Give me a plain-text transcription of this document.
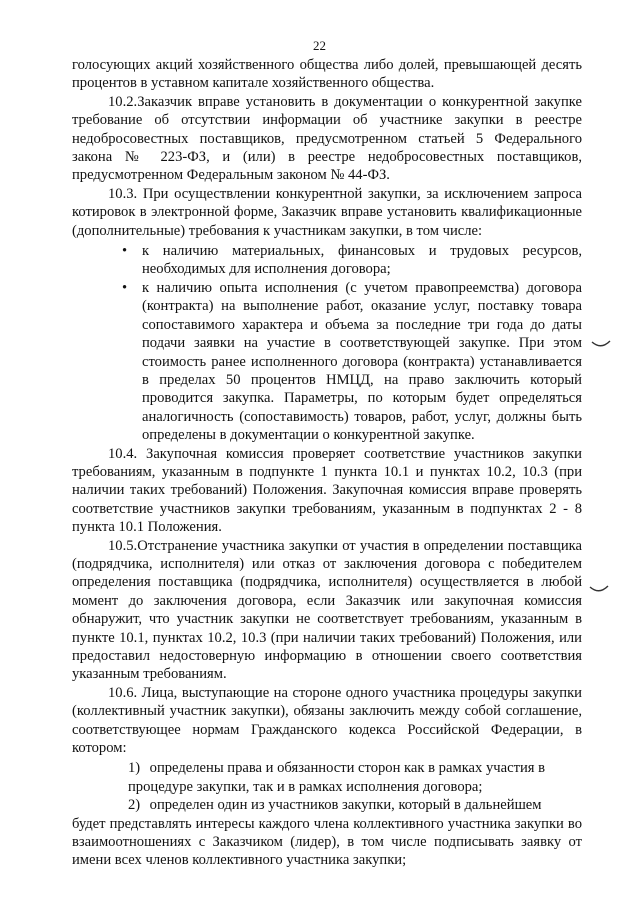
22

голосующих акций хозяйственного общества либо долей, превышающей десять процентов в уставном капитале хозяйственного общества.

10.2.Заказчик вправе установить в документации о конкурентной закупке требование об отсутствии информации об участнике закупки в реестре недобросовестных поставщиков, предусмотренном статьей 5 Федерального закона № 223-ФЗ, и (или) в реестре недобросовестных поставщиков, предусмотренном Федеральным законом № 44-ФЗ.

10.3. При осуществлении конкурентной закупки, за исключением запроса котировок в электронной форме, Заказчик вправе установить квалификационные (дополнительные) требования к участникам закупки, в том числе:

• к наличию материальных, финансовых и трудовых ресурсов, необходимых для исполнения договора;
• к наличию опыта исполнения (с учетом правопреемства) договора (контракта) на выполнение работ, оказание услуг, поставку товара сопоставимого характера и объема за последние три года до даты подачи заявки на участие в соответствующей закупке. При этом стоимость ранее исполненного договора (контракта) устанавливается в пределах 50 процентов НМЦД, на право заключить который проводится закупка. Параметры, по которым будет определяться аналогичность (сопоставимость) товаров, работ, услуг, должны быть определены в документации о конкурентной закупке.

10.4. Закупочная комиссия проверяет соответствие участников закупки требованиям, указанным в подпункте 1 пункта 10.1 и пунктах 10.2, 10.3 (при наличии таких требований) Положения. Закупочная комиссия вправе проверять соответствие участников закупки требованиям, указанным в подпунктах 2 - 8 пункта 10.1 Положения.

10.5.Отстранение участника закупки от участия в определении поставщика (подрядчика, исполнителя) или отказ от заключения договора с победителем определения поставщика (подрядчика, исполнителя) осуществляется в любой момент до заключения договора, если Заказчик или закупочная комиссия обнаружит, что участник закупки не соответствует требованиям, указанным в пункте 10.1, пунктах 10.2, 10.3 (при наличии таких требований) Положения, или предоставил недостоверную информацию в отношении своего соответствия указанным требованиям.

10.6. Лица, выступающие на стороне одного участника процедуры закупки (коллективный участник закупки), обязаны заключить между собой соглашение, соответствующее нормам Гражданского кодекса Российской Федерации, в котором:

1) определены права и обязанности сторон как в рамках участия в процедуре закупки, так и в рамках исполнения договора;
2) определен один из участников закупки, который в дальнейшем

будет представлять интересы каждого члена коллективного участника закупки во взаимоотношениях с Заказчиком (лидер), в том числе подписывать заявку от имени всех членов коллективного участника закупки;
